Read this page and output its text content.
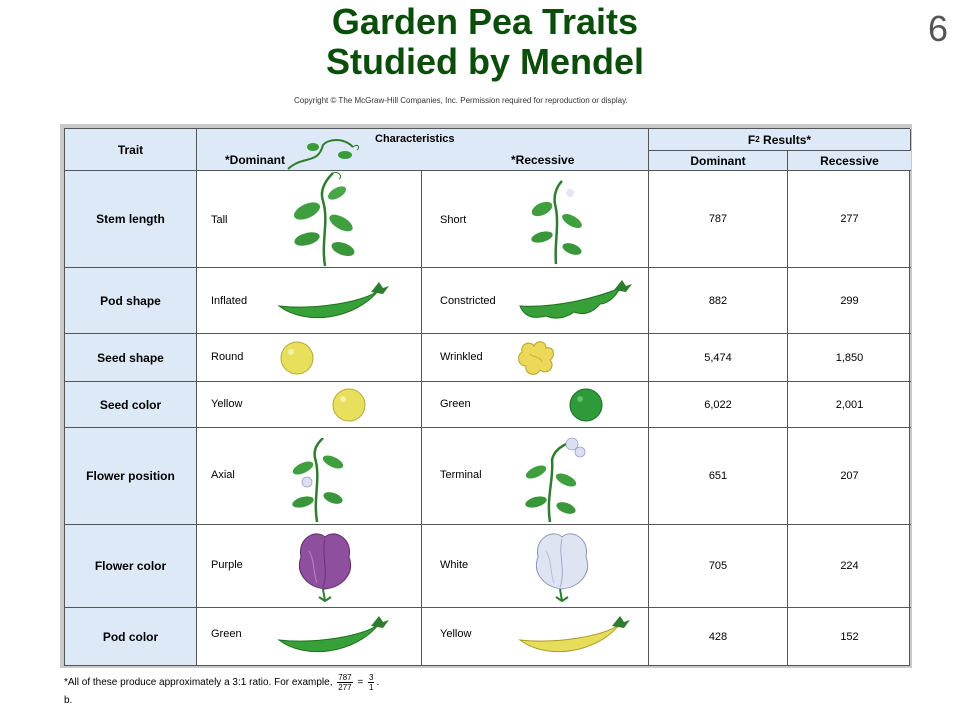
Garden Pea Traits
Studied by Mendel
6
Copyright © The McGraw-Hill Companies, Inc. Permission required for reproduction or display.
Trait
Characteristics
*Dominant	*Recessive
F 2 Results*
Dominant	Recessive
Stem length	Tall	Short	787	277
Pod shape	Inflated	Constricted	882	299
Seed shape	Round	Wrinkled	5,474	1,850
Seed color	Yellow	Green	6,022	2,001
Flower position	Axial	Terminal	651	207
Flower color	Purple	White	705	224
Pod color	Green	Yellow	428	152
*All of these produce approximately a 3:1 ratio. For example, $\frac{787}{277} = \frac{3}{1}$ .
b.
